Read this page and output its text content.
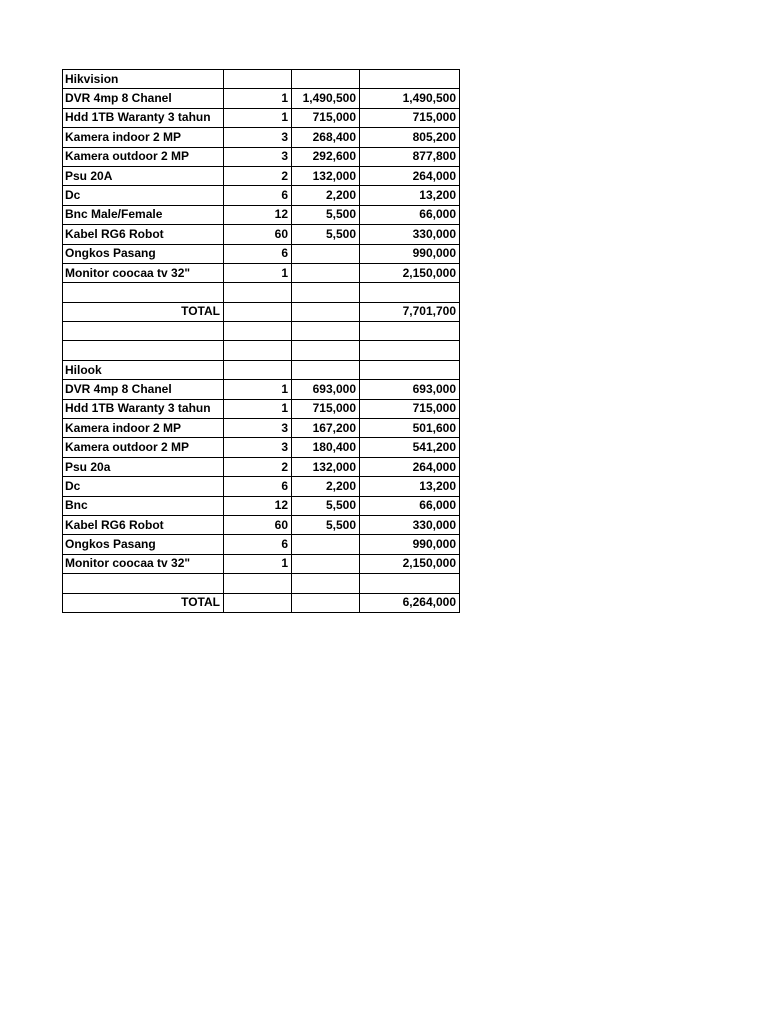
Hikvision			
DVR 4mp 8 Chanel	1	1,490,500	1,490,500
Hdd 1TB Waranty 3 tahun	1	715,000	715,000
Kamera indoor 2 MP	3	268,400	805,200
Kamera outdoor 2 MP	3	292,600	877,800
Psu 20A	2	132,000	264,000
Dc	6	2,200	13,200
Bnc Male/Female	12	5,500	66,000
Kabel RG6 Robot	60	5,500	330,000
Ongkos Pasang	6		990,000
Monitor coocaa tv 32"	1		2,150,000

TOTAL			7,701,700

Hilook			
DVR 4mp 8 Chanel	1	693,000	693,000
Hdd 1TB Waranty 3 tahun	1	715,000	715,000
Kamera indoor 2 MP	3	167,200	501,600
Kamera outdoor 2 MP	3	180,400	541,200
Psu 20a	2	132,000	264,000
Dc	6	2,200	13,200
Bnc	12	5,500	66,000
Kabel RG6 Robot	60	5,500	330,000
Ongkos Pasang	6		990,000
Monitor coocaa tv 32"	1		2,150,000

TOTAL			6,264,000
